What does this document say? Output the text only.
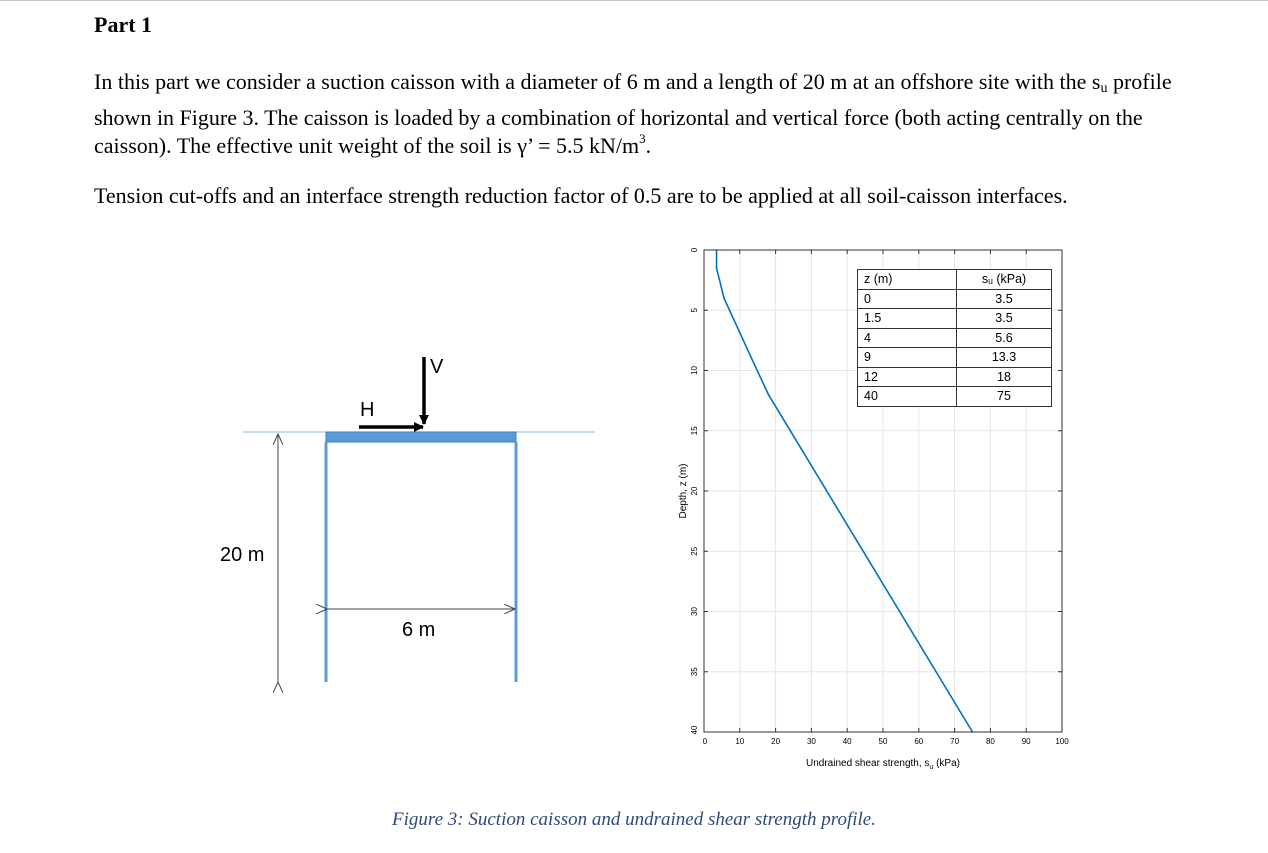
Part 1

In this part we consider a suction caisson with a diameter of 6 m and a length of 20 m at an offshore site with the $s_u$ profile shown in Figure 3. The caisson is loaded by a combination of horizontal and vertical force (both acting centrally on the caisson). The effective unit weight of the soil is γ’ = 5.5 $kN/m^3$.

Tension cut-offs and an interface strength reduction factor of 0.5 are to be applied at all soil-caisson interfaces.

V
H
20 m
6 m
0	10	20	30	40	50	60	70	80	90	100
0
5
10
15
20
25
30
35
40
Undrained shear strength, $s_u$ (kPa)
Depth, z (m)
z (m)	sᵤ (kPa)
0	3.5
1.5	3.5
4	5.6
9	13.3
12	18
40	75
Figure 3: Suction caisson and undrained shear strength profile.
